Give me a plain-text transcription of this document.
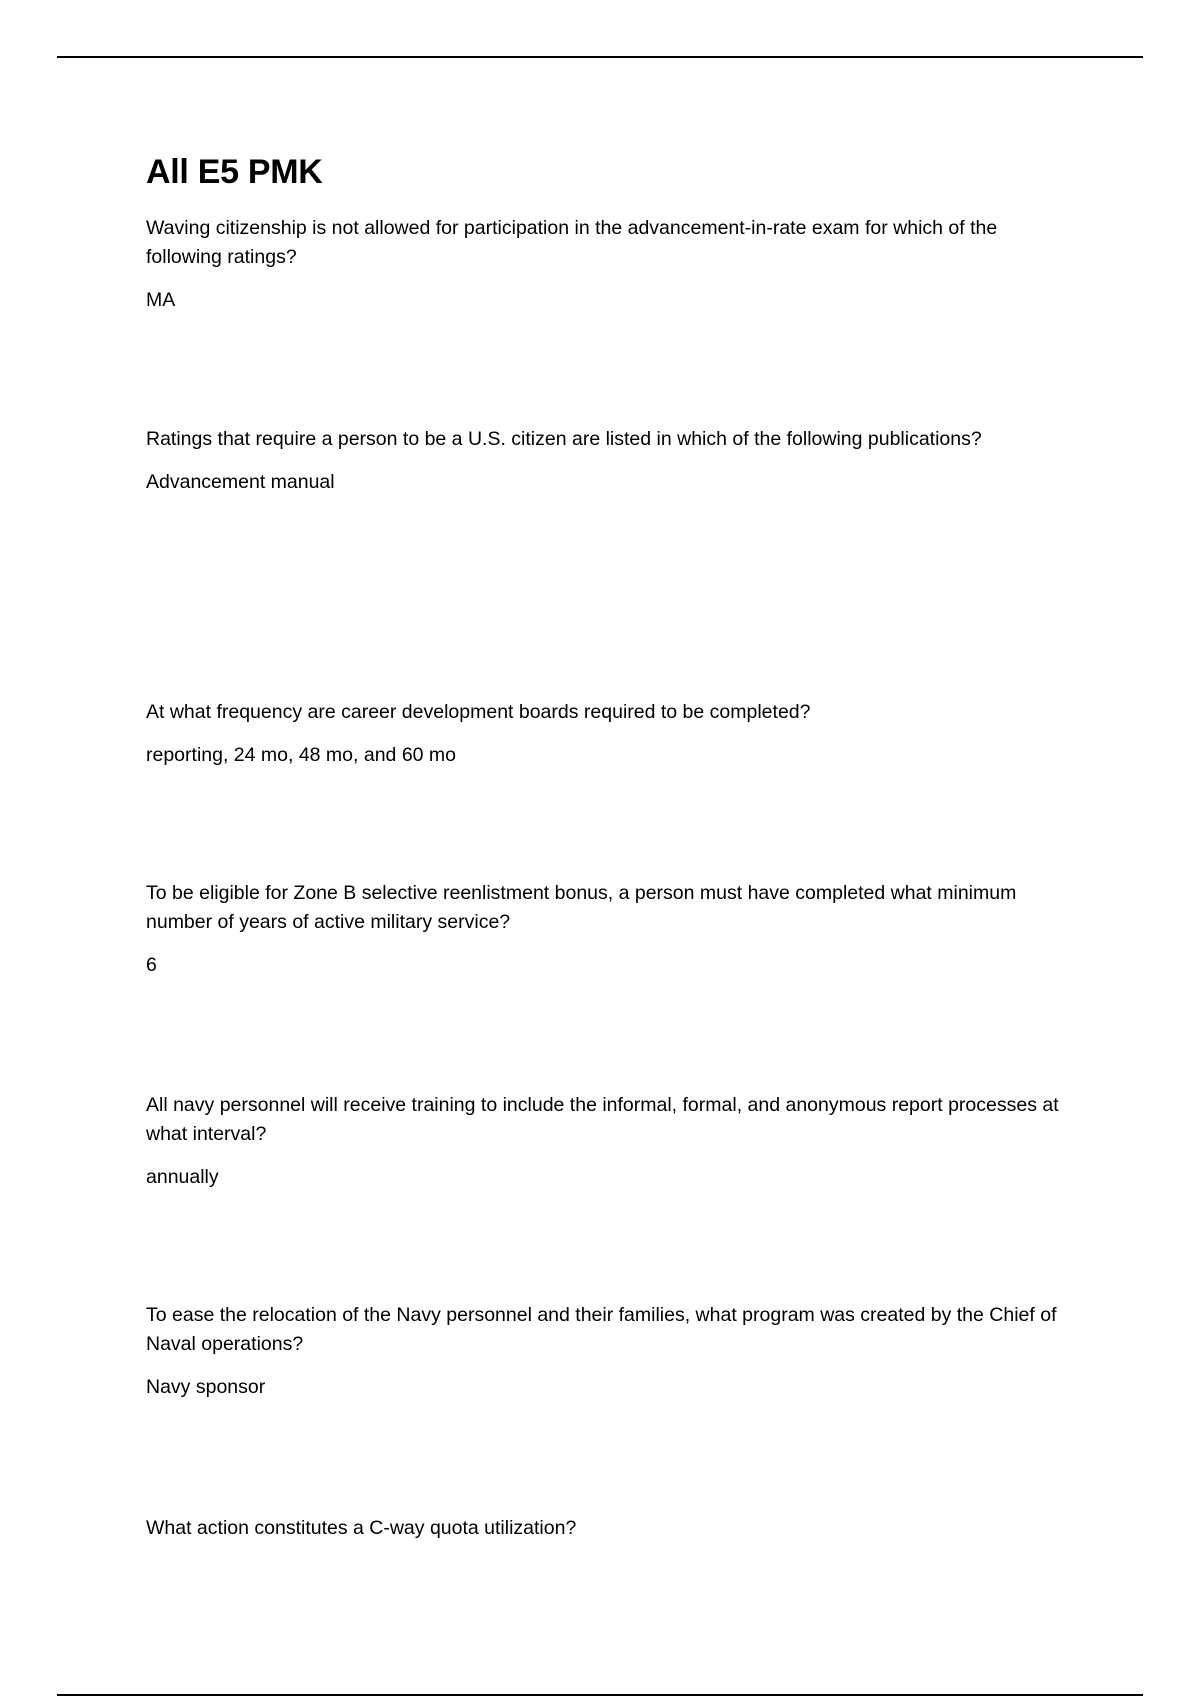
All E5 PMK

Waving citizenship is not allowed for participation in the advancement-in-rate exam for which of the following ratings?

MA

Ratings that require a person to be a U.S. citizen are listed in which of the following publications?

Advancement manual

At what frequency are career development boards required to be completed?

reporting, 24 mo, 48 mo, and 60 mo

To be eligible for Zone B selective reenlistment bonus, a person must have completed what minimum number of years of active military service?

6

All navy personnel will receive training to include the informal, formal, and anonymous report processes at what interval?

annually

To ease the relocation of the Navy personnel and their families, what program was created by the Chief of Naval operations?

Navy sponsor

What action constitutes a C-way quota utilization?
